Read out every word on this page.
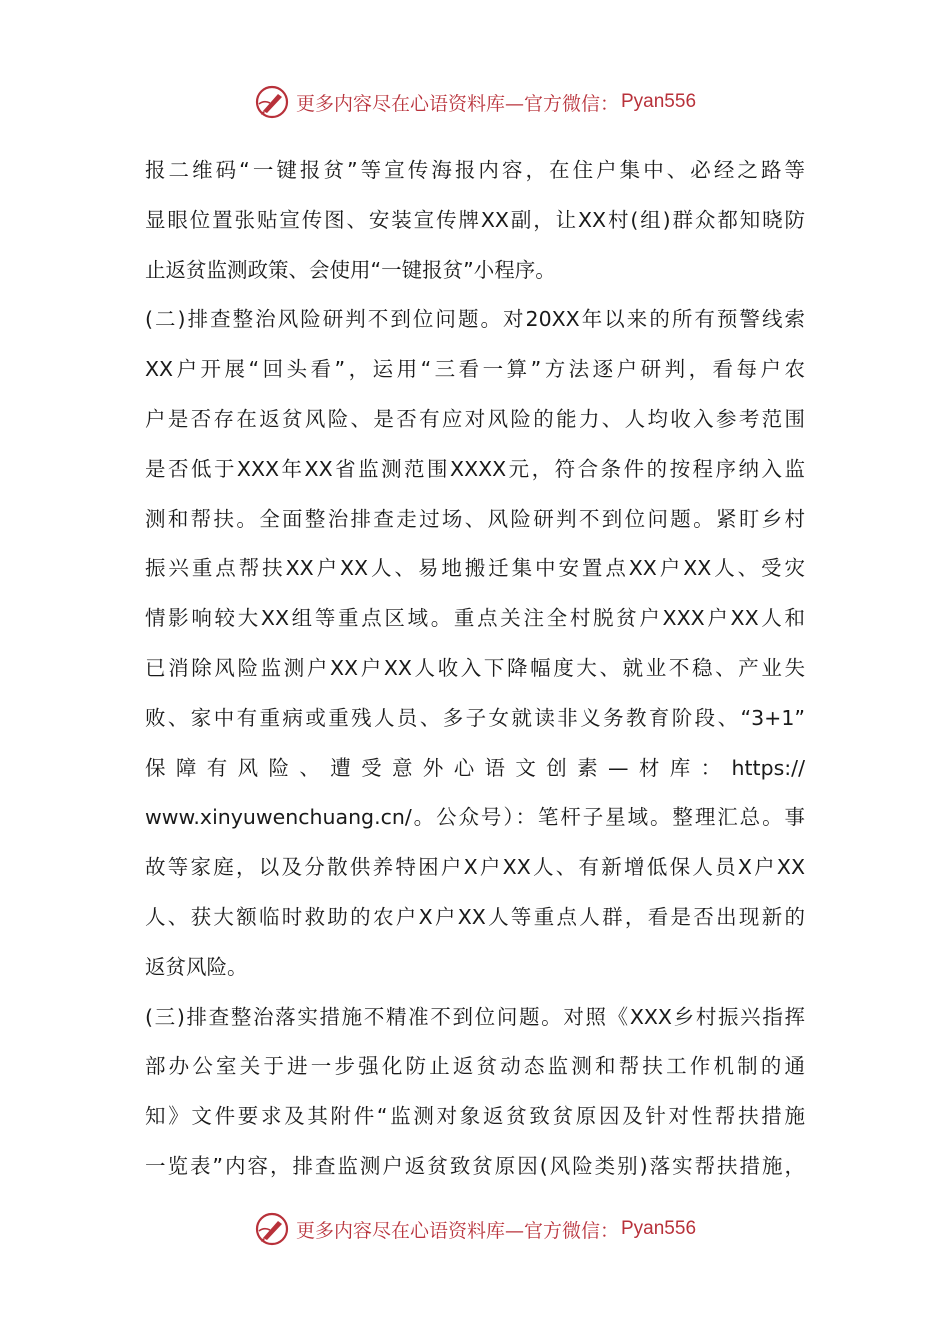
更多内容尽在心语资料库—官方微信： Pyan556
报二维码“一键报贫”等宣传海报内容，在住户集中、必经之路等
显眼位置张贴宣传图、安装宣传牌XX副，让XX村(组)群众都知晓防
止返贫监测政策、会使用“一键报贫”小程序。
(二)排查整治风险研判不到位问题。对20XX年以来的所有预警线索
XX户开展“回头看”，运用“三看一算”方法逐户研判，看每户农
户是否存在返贫风险、是否有应对风险的能力、人均收入参考范围
是否低于XXX年XX省监测范围XXXX元，符合条件的按程序纳入监
测和帮扶。全面整治排查走过场、风险研判不到位问题。紧盯乡村
振兴重点帮扶XX户XX人、易地搬迁集中安置点XX户XX人、受灾
情影响较大XX组等重点区域。重点关注全村脱贫户XXX户XX人和
已消除风险监测户XX户XX人收入下降幅度大、就业不稳、产业失
败、家中有重病或重残人员、多子女就读非义务教育阶段、“3+1”
保障有风险、遭受意外心语文创素—材库：https://
www.xinyuwenchuang.cn/。公众号）：笔杆子星域。整理汇总。事
故等家庭，以及分散供养特困户X户XX人、有新增低保人员X户XX
人、获大额临时救助的农户X户XX人等重点人群，看是否出现新的
返贫风险。
(三)排查整治落实措施不精准不到位问题。对照《XXX乡村振兴指挥
部办公室关于进一步强化防止返贫动态监测和帮扶工作机制的通
知》文件要求及其附件“监测对象返贫致贫原因及针对性帮扶措施
一览表”内容，排查监测户返贫致贫原因(风险类别)落实帮扶措施，
更多内容尽在心语资料库—官方微信： Pyan556
